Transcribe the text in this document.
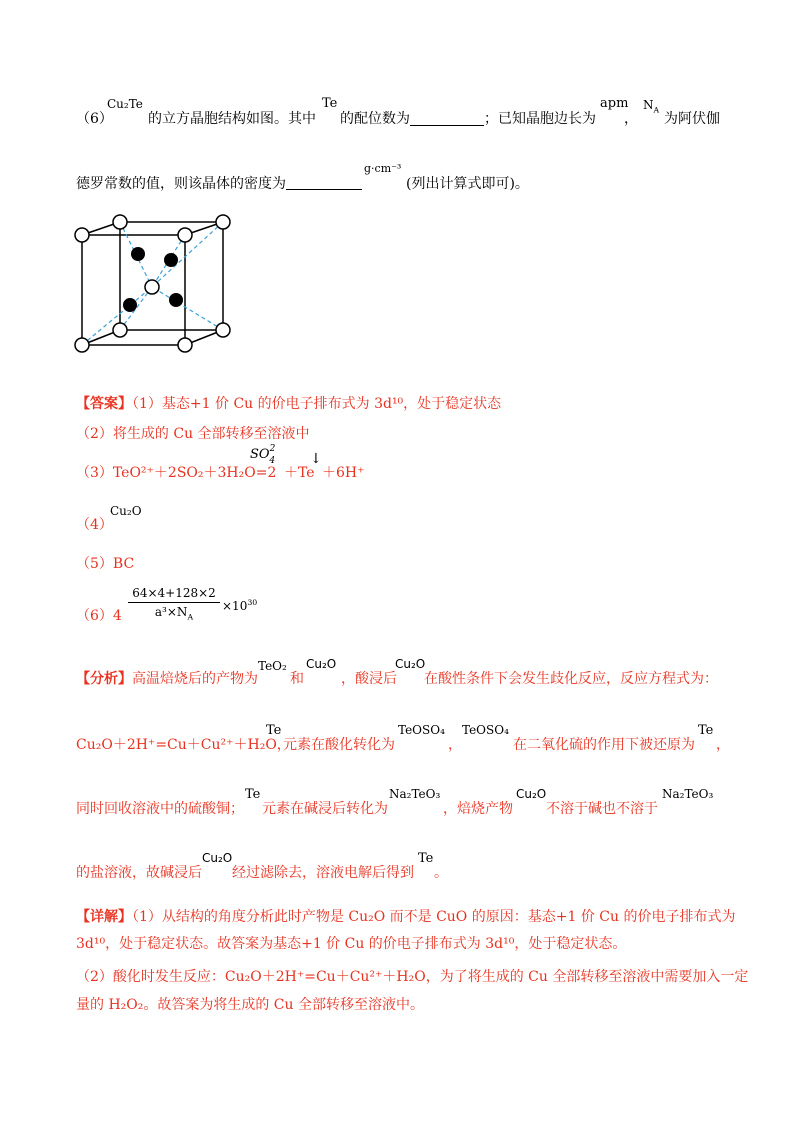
（6）
Cu₂Te
的立方晶胞结构如图。其中
Te
的配位数为	；已知晶胞边长为
apm
，
$N_A$
为阿伏伽
德罗常数的值，则该晶体的密度为
g·cm⁻³
(列出计算式即可)。
【答案】（1）基态+1 价 Cu 的价电子排布式为 3d¹⁰，处于稳定状态
（2）将生成的 Cu 全部转移至溶液中
（3）TeO²⁺＋2SO₂＋3H₂O=2
$SO^2_4$
＋Te
↓
＋6H⁺
（4）
Cu₂O
（5）BC
（6）4
64×4+128×2
$a^3\times N_A$
$\times 10^{30}$
【分析】高温焙烧后的产物为
TeO₂
和
Cu₂O
，酸浸后
Cu₂O
在酸性条件下会发生歧化反应，反应方程式为：
Cu₂O＋2H⁺=Cu＋Cu²⁺＋H₂O，
Te
元素在酸化转化为
TeOSO₄
，
TeOSO₄
在二氧化硫的作用下被还原为
Te
，
同时回收溶液中的硫酸铜；
Te
元素在碱浸后转化为
Na₂TeO₃
，焙烧产物
Cu₂O
不溶于碱也不溶于
Na₂TeO₃
的盐溶液，故碱浸后
Cu₂O
经过滤除去，溶液电解后得到
Te
。
【详解】（1）从结构的角度分析此时产物是 Cu₂O 而不是 CuO 的原因：基态+1 价 Cu 的价电子排布式为
3d¹⁰，处于稳定状态。故答案为基态+1 价 Cu 的价电子排布式为 3d¹⁰，处于稳定状态。
（2）酸化时发生反应：Cu₂O＋2H⁺=Cu＋Cu²⁺＋H₂O，为了将生成的 Cu 全部转移至溶液中需要加入一定
量的 H₂O₂。故答案为将生成的 Cu 全部转移至溶液中。
